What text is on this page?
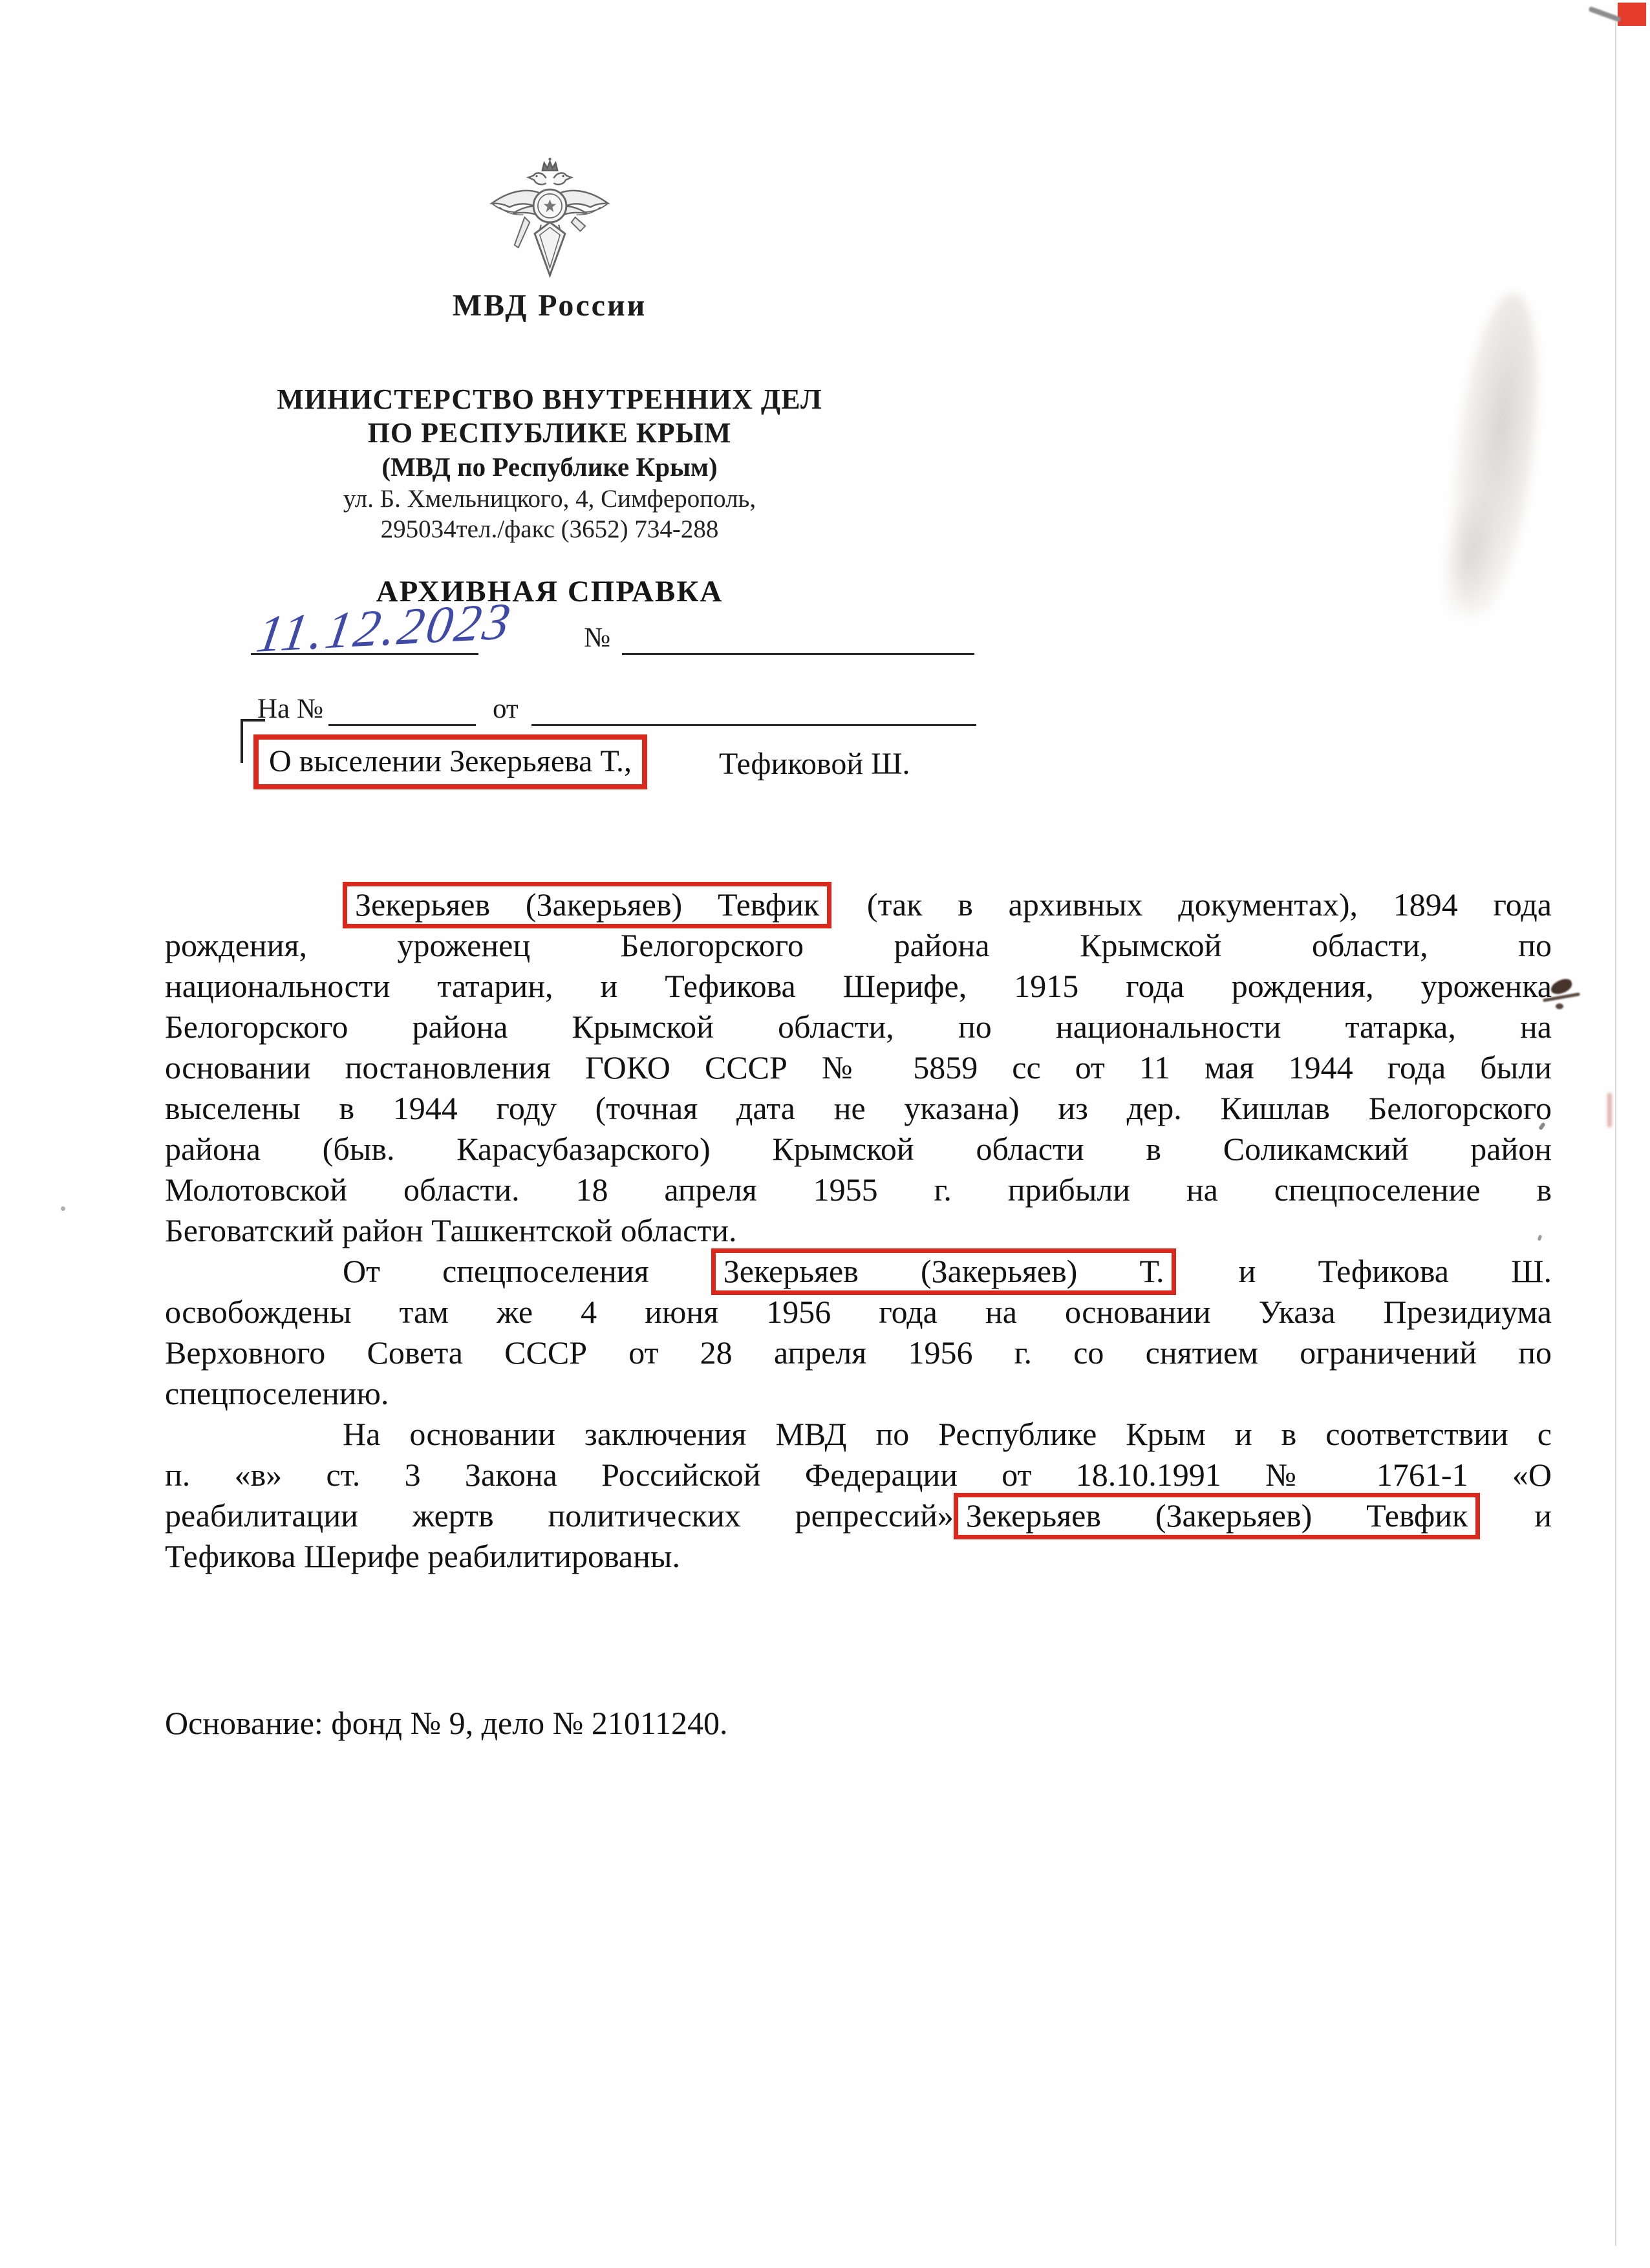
МВД России
МИНИСТЕРСТВО ВНУТРЕННИХ ДЕЛ
ПО РЕСПУБЛИКЕ КРЫМ
(МВД по Республике Крым)
ул. Б. Хмельницкого, 4, Симферополь,
295034тел./факс (3652) 734-288
АРХИВНАЯ СПРАВКА
11.12.2023 №
На №	от
О выселении Зекерьяева Т.,	Тефиковой Ш.
Зекерьяев (Закерьяев) Тевфик (так в архивных документах), 1894 года
рождения, уроженец Белогорского района Крымской области, по
национальности татарин, и Тефикова Шерифе, 1915 года рождения, уроженка
Белогорского района Крымской области, по национальности татарка, на
основании постановления ГОКО СССР № 5859 сс от 11 мая 1944 года были
выселены в 1944 году (точная дата не указана) из дер. Кишлав Белогорского
района (быв. Карасубазарского) Крымской области в Соликамский район
Молотовской области. 18 апреля 1955 г. прибыли на спецпоселение в
Беговатский район Ташкентской области.
От спецпоселения Зекерьяев (Закерьяев) Т. и Тефикова Ш.
освобождены там же 4 июня 1956 года на основании Указа Президиума
Верховного Совета СССР от 28 апреля 1956 г. со снятием ограничений по
спецпоселению.
На основании заключения МВД по Республике Крым и в соответствии с
п. «в» ст. 3 Закона Российской Федерации от 18.10.1991 № 1761-1 «О
реабилитации жертв политических репрессий» Зекерьяев (Закерьяев) Тевфик и
Тефикова Шерифе реабилитированы.
Основание: фонд № 9, дело № 21011240.
